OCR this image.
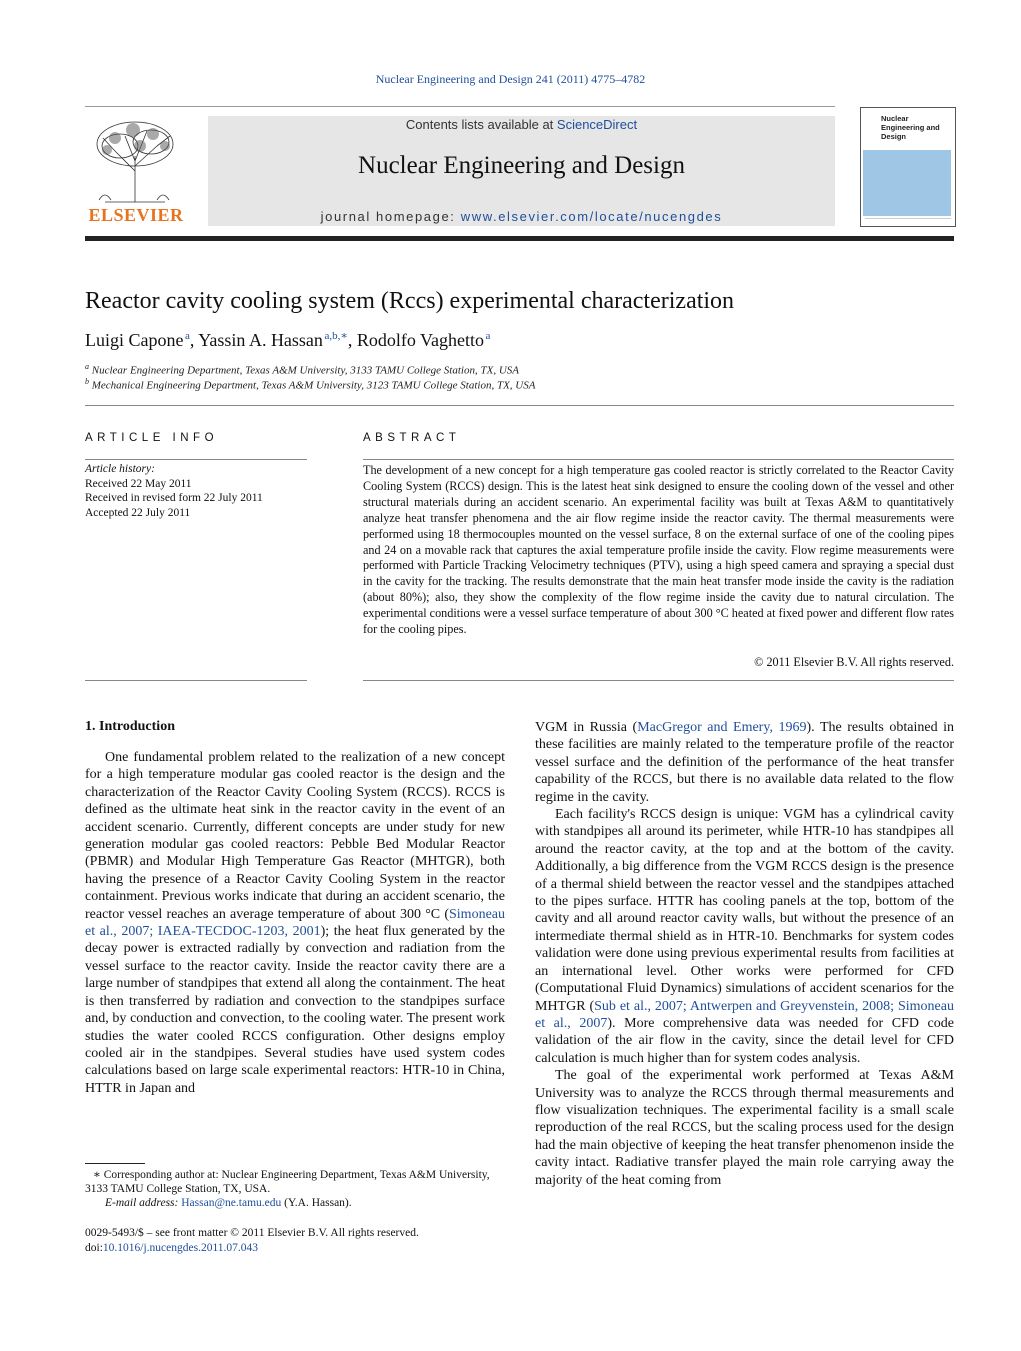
Nuclear Engineering and Design 241 (2011) 4775–4782
ELSEVIER
Contents lists available at ScienceDirect
Nuclear Engineering and Design
journal homepage: www.elsevier.com/locate/nucengdes
Nuclear Engineering and Design
Reactor cavity cooling system (Rccs) experimental characterization
Luigi Capone  $^a$, Yassin A. Hassan  $^{a,b,∗}$, Rodolfo Vaghetto  $^a$
$^a$ Nuclear Engineering Department, Texas A&M University, 3133 TAMU College Station, TX, USA
$^b$ Mechanical Engineering Department, Texas A&M University, 3123 TAMU College Station, TX, USA
ARTICLE INFO
Article history:
Received 22 May 2011
Received in revised form 22 July 2011
Accepted 22 July 2011
ABSTRACT
The development of a new concept for a high temperature gas cooled reactor is strictly correlated to the Reactor Cavity Cooling System (RCCS) design. This is the latest heat sink designed to ensure the cooling down of the vessel and other structural materials during an accident scenario. An experimental facility was built at Texas A&M to quantitatively analyze heat transfer phenomena and the air flow regime inside the reactor cavity. The thermal measurements were performed using 18 thermocouples mounted on the vessel surface, 8 on the external surface of one of the cooling pipes and 24 on a movable rack that captures the axial temperature profile inside the cavity. Flow regime measurements were performed with Particle Tracking Velocimetry techniques (PTV), using a high speed camera and spraying a special dust in the cavity for the tracking. The results demonstrate that the main heat transfer mode inside the cavity is the radiation (about 80%); also, they show the complexity of the flow regime inside the cavity due to natural circulation. The experimental conditions were a vessel surface temperature of about 300 °C heated at fixed power and different flow rates for the cooling pipes.
© 2011 Elsevier B.V. All rights reserved.
1. Introduction

One fundamental problem related to the realization of a new concept for a high temperature modular gas cooled reactor is the design and the characterization of the Reactor Cavity Cooling System (RCCS). RCCS is defined as the ultimate heat sink in the reactor cavity in the event of an accident scenario. Currently, different concepts are under study for new generation modular gas cooled reactors: Pebble Bed Modular Reactor (PBMR) and Modular High Temperature Gas Reactor (MHTGR), both having the presence of a Reactor Cavity Cooling System in the reactor containment. Previous works indicate that during an accident scenario, the reactor vessel reaches an average temperature of about 300 °C (Simoneau et al., 2007; IAEA-TECDOC-1203, 2001); the heat flux generated by the decay power is extracted radially by convection and radiation from the vessel surface to the reactor cavity. Inside the reactor cavity there are a large number of standpipes that extend all along the containment. The heat is then transferred by radiation and convection to the standpipes surface and, by conduction and convection, to the cooling water. The present work studies the water cooled RCCS configuration. Other designs employ cooled air in the standpipes. Several studies have used system codes calculations based on large scale experimental reactors: HTR-10 in China, HTTR in Japan and

VGM in Russia (MacGregor and Emery, 1969). The results obtained in these facilities are mainly related to the temperature profile of the reactor vessel surface and the definition of the performance of the heat transfer capability of the RCCS, but there is no available data related to the flow regime in the cavity.

Each facility's RCCS design is unique: VGM has a cylindrical cavity with standpipes all around its perimeter, while HTR-10 has standpipes all around the reactor cavity, at the top and at the bottom of the cavity. Additionally, a big difference from the VGM RCCS design is the presence of a thermal shield between the reactor vessel and the standpipes attached to the pipes surface. HTTR has cooling panels at the top, bottom of the cavity and all around reactor cavity walls, but without the presence of an intermediate thermal shield as in HTR-10. Benchmarks for system codes validation were done using previous experimental results from facilities at an international level. Other works were performed for CFD (Computational Fluid Dynamics) simulations of accident scenarios for the MHTGR (Sub et al., 2007; Antwerpen and Greyvenstein, 2008; Simoneau et al., 2007). More comprehensive data was needed for CFD code validation of the air flow in the cavity, since the detail level for CFD calculation is much higher than for system codes analysis.

The goal of the experimental work performed at Texas A&M University was to analyze the RCCS through thermal measurements and flow visualization techniques. The experimental facility is a small scale reproduction of the real RCCS, but the scaling process used for the design had the main objective of keeping the heat transfer phenomenon inside the cavity intact. Radiative transfer played the main role carrying away the majority of the heat coming from

∗ Corresponding author at: Nuclear Engineering Department, Texas A&M University, 3133 TAMU College Station, TX, USA.
E-mail address: Hassan@ne.tamu.edu (Y.A. Hassan).
0029-5493/$ – see front matter © 2011 Elsevier B.V. All rights reserved.
doi:10.1016/j.nucengdes.2011.07.043
